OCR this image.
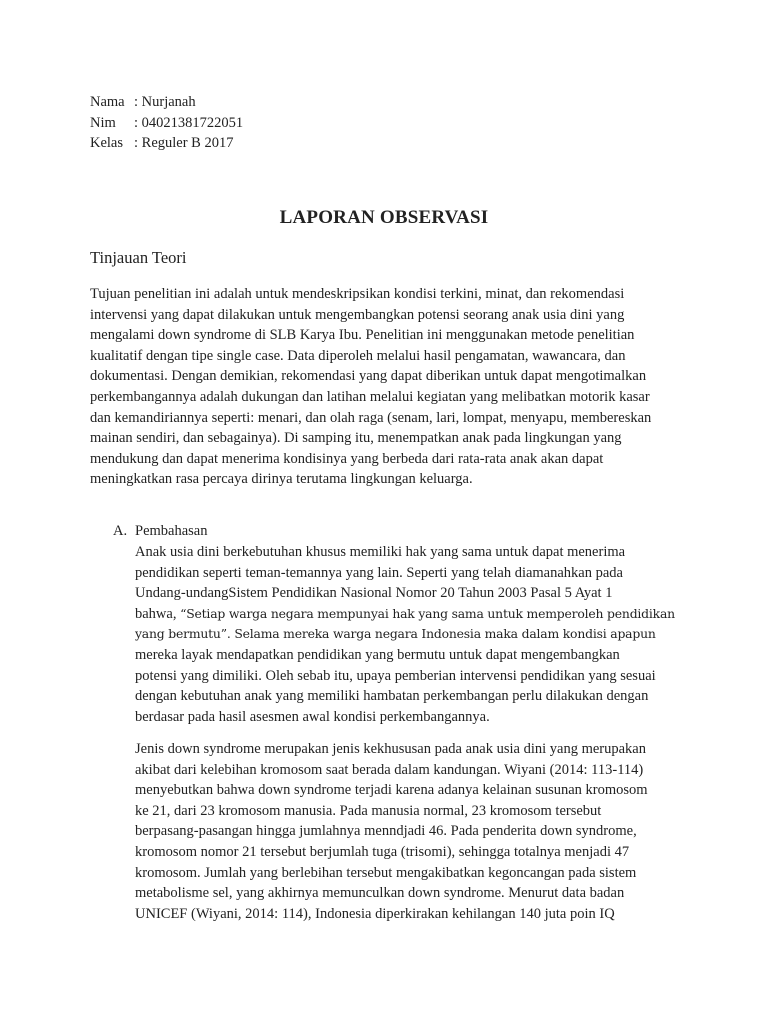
Nama : Nurjanah
Nim	: 04021381722051
Kelas : Reguler B 2017
LAPORAN OBSERVASI
Tinjauan Teori

Tujuan penelitian ini adalah untuk mendeskripsikan kondisi terkini, minat, dan rekomendasi
intervensi yang dapat dilakukan untuk mengembangkan potensi seorang anak usia dini yang
mengalami down syndrome di SLB Karya Ibu. Penelitian ini menggunakan metode penelitian
kualitatif dengan tipe single case. Data diperoleh melalui hasil pengamatan, wawancara, dan
dokumentasi. Dengan demikian, rekomendasi yang dapat diberikan untuk dapat mengotimalkan
perkembangannya adalah dukungan dan latihan melalui kegiatan yang melibatkan motorik kasar
dan kemandiriannya seperti: menari, dan olah raga (senam, lari, lompat, menyapu, membereskan
mainan sendiri, dan sebagainya). Di samping itu, menempatkan anak pada lingkungan yang
mendukung dan dapat menerima kondisinya yang berbeda dari rata-rata anak akan dapat
meningkatkan rasa percaya dirinya terutama lingkungan keluarga.

A. Pembahasan

Anak usia dini berkebutuhan khusus memiliki hak yang sama untuk dapat menerima
pendidikan seperti teman-temannya yang lain. Seperti yang telah diamanahkan pada
Undang-undangSistem Pendidikan Nasional Nomor 20 Tahun 2003 Pasal 5 Ayat 1
bahwa, “Setiap warga negara mempunyai hak yang sama untuk memperoleh pendidikan
yang bermutu”. Selama mereka warga negara Indonesia maka dalam kondisi apapun
mereka layak mendapatkan pendidikan yang bermutu untuk dapat mengembangkan
potensi yang dimiliki. Oleh sebab itu, upaya pemberian intervensi pendidikan yang sesuai
dengan kebutuhan anak yang memiliki hambatan perkembangan perlu dilakukan dengan
berdasar pada hasil asesmen awal kondisi perkembangannya.

Jenis down syndrome merupakan jenis kekhususan pada anak usia dini yang merupakan
akibat dari kelebihan kromosom saat berada dalam kandungan. Wiyani (2014: 113-114)
menyebutkan bahwa down syndrome terjadi karena adanya kelainan susunan kromosom
ke 21, dari 23 kromosom manusia. Pada manusia normal, 23 kromosom tersebut
berpasang-pasangan hingga jumlahnya menndjadi 46. Pada penderita down syndrome,
kromosom nomor 21 tersebut berjumlah tuga (trisomi), sehingga totalnya menjadi 47
kromosom. Jumlah yang berlebihan tersebut mengakibatkan kegoncangan pada sistem
metabolisme sel, yang akhirnya memunculkan down syndrome. Menurut data badan
UNICEF (Wiyani, 2014: 114), Indonesia diperkirakan kehilangan 140 juta poin IQ
